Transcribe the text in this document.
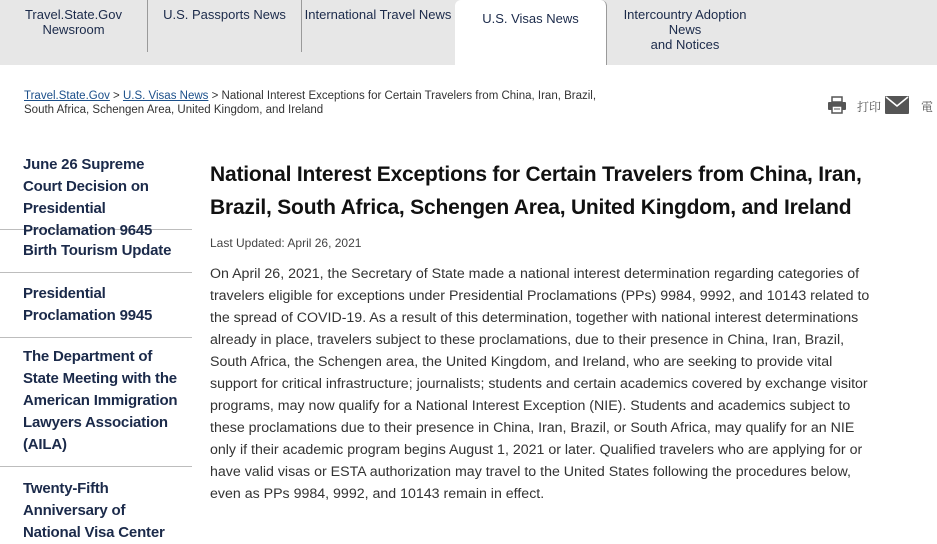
Travel.State.Gov Newsroom
U.S. Passports News	International Travel News	U.S. Visas News	Intercountry Adoption News
and Notices
Travel.State.Gov > U.S. Visas News > National Interest Exceptions for Certain Travelers from China, Iran, Brazil, South Africa, Schengen Area, United Kingdom, and Ireland	打印	電
June 26 Supreme Court Decision on Presidential Proclamation 9645
Birth Tourism Update
Presidential Proclamation 9945
The Department of State Meeting with the American Immigration Lawyers Association (AILA)
Twenty-Fifth Anniversary of National Visa Center
National Interest Exceptions for Certain Travelers from China, Iran, Brazil, South Africa, Schengen Area, United Kingdom, and Ireland
Last Updated: April 26, 2021

On April 26, 2021, the Secretary of State made a national interest determination regarding categories of travelers eligible for exceptions under Presidential Proclamations (PPs) 9984, 9992, and 10143 related to the spread of COVID-19. As a result of this determination, together with national interest determinations already in place, travelers subject to these proclamations, due to their presence in China, Iran, Brazil, South Africa, the Schengen area, the United Kingdom, and Ireland, who are seeking to provide vital support for critical infrastructure; journalists; students and certain academics covered by exchange visitor programs, may now qualify for a National Interest Exception (NIE). Students and academics subject to these proclamations due to their presence in China, Iran, Brazil, or South Africa, may qualify for an NIE only if their academic program begins August 1, 2021 or later. Qualified travelers who are applying for or have valid visas or ESTA authorization may travel to the United States following the procedures below, even as PPs 9984, 9992, and 10143 remain in effect.
